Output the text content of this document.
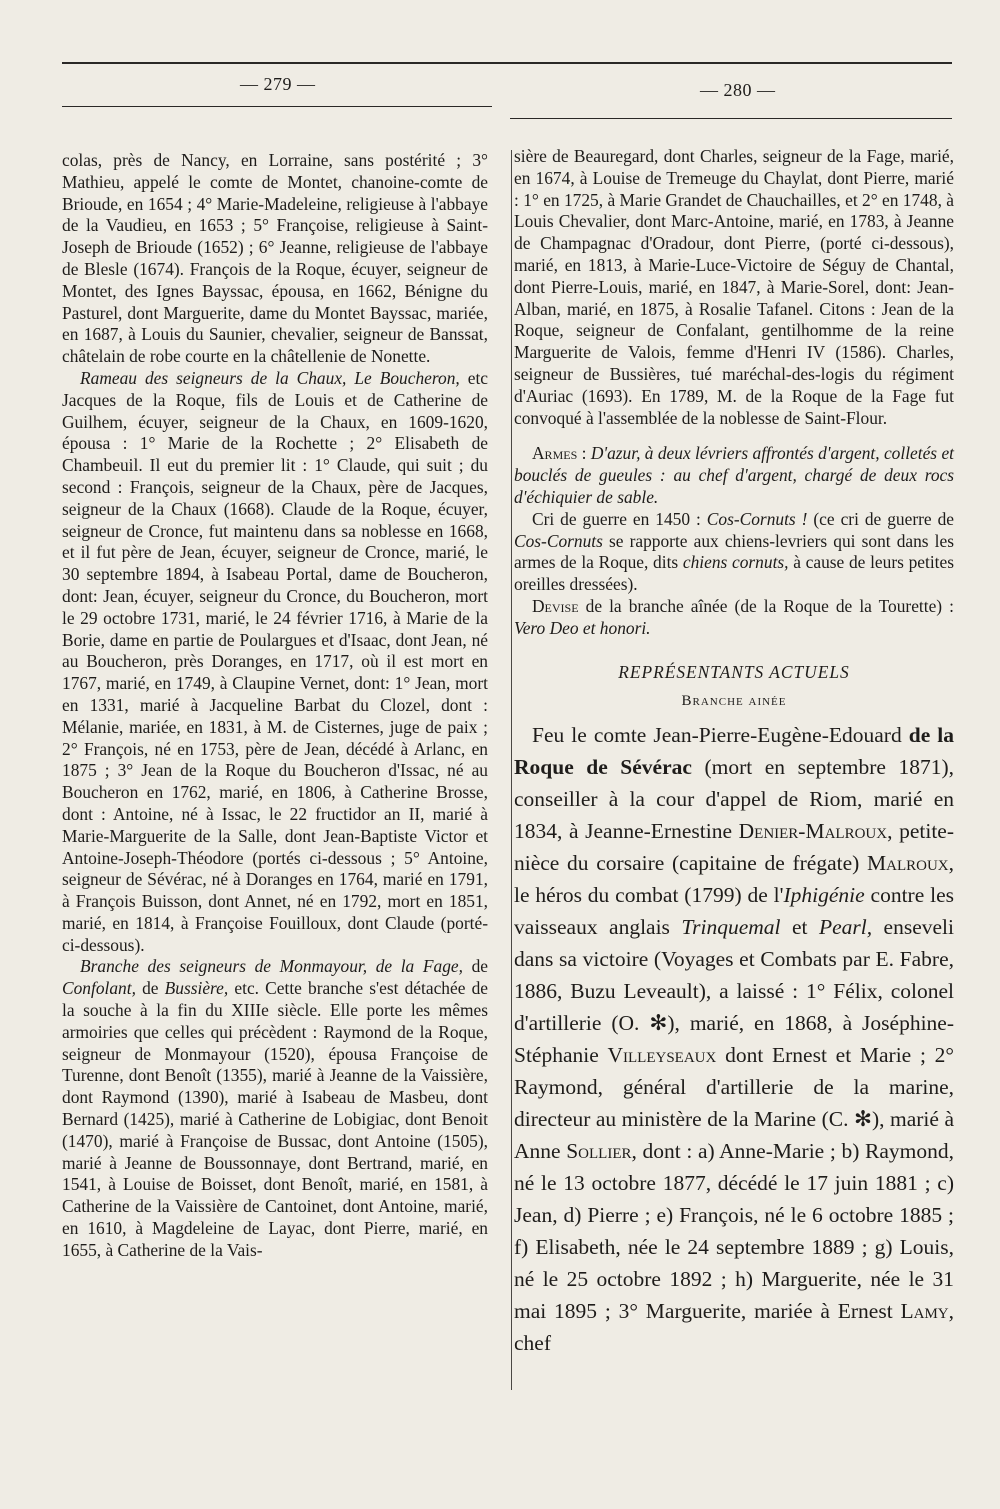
— 279 —	— 280 —

colas, près de Nancy, en Lorraine, sans postérité ; 3° Mathieu, appelé le comte de Montet, chanoine-comte de Brioude, en 1654 ; 4° Marie-Madeleine, religieuse à l'abbaye de la Vaudieu, en 1653 ; 5° Françoise, religieuse à Saint-Joseph de Brioude (1652) ; 6° Jeanne, religieuse de l'abbaye de Blesle (1674). François de la Roque, écuyer, seigneur de Montet, des Ignes Bayssac, épousa, en 1662, Bénigne du Pasturel, dont Marguerite, dame du Montet Bayssac, mariée, en 1687, à Louis du Saunier, chevalier, seigneur de Banssat, châtelain de robe courte en la châtellenie de Nonette.

Rameau des seigneurs de la Chaux, Le Boucheron, etc Jacques de la Roque, fils de Louis et de Catherine de Guilhem, écuyer, seigneur de la Chaux, en 1609-1620, épousa : 1° Marie de la Rochette ; 2° Elisabeth de Chambeuil. Il eut du premier lit : 1° Claude, qui suit ; du second : François, seigneur de la Chaux, père de Jacques, seigneur de la Chaux (1668). Claude de la Roque, écuyer, seigneur de Cronce, fut maintenu dans sa noblesse en 1668, et il fut père de Jean, écuyer, seigneur de Cronce, marié, le 30 septembre 1894, à Isabeau Portal, dame de Boucheron, dont: Jean, écuyer, seigneur du Cronce, du Boucheron, mort le 29 octobre 1731, marié, le 24 février 1716, à Marie de la Borie, dame en partie de Poulargues et d'Isaac, dont Jean, né au Boucheron, près Doranges, en 1717, où il est mort en 1767, marié, en 1749, à Claupine Vernet, dont: 1° Jean, mort en 1331, marié à Jacqueline Barbat du Clozel, dont : Mélanie, mariée, en 1831, à M. de Cisternes, juge de paix ; 2° François, né en 1753, père de Jean, décédé à Arlanc, en 1875 ; 3° Jean de la Roque du Boucheron d'Issac, né au Boucheron en 1762, marié, en 1806, à Catherine Brosse, dont : Antoine, né à Issac, le 22 fructidor an II, marié à Marie-Marguerite de la Salle, dont Jean-Baptiste Victor et Antoine-Joseph-Théodore (portés ci-dessous ; 5° Antoine, seigneur de Sévérac, né à Doranges en 1764, marié en 1791, à François Buisson, dont Annet, né en 1792, mort en 1851, marié, en 1814, à Françoise Fouilloux, dont Claude (porté-ci-dessous).

Branche des seigneurs de Monmayour, de la Fage, de Confolant, de Bussière, etc. Cette branche s'est détachée de la souche à la fin du XIIIe siècle. Elle porte les mêmes armoiries que celles qui précèdent : Raymond de la Roque, seigneur de Monmayour (1520), épousa Françoise de Turenne, dont Benoît (1355), marié à Jeanne de la Vaissière, dont Raymond (1390), marié à Isabeau de Masbeu, dont Bernard (1425), marié à Catherine de Lobigiac, dont Benoit (1470), marié à Françoise de Bussac, dont Antoine (1505), marié à Jeanne de Boussonnaye, dont Bertrand, marié, en 1541, à Louise de Boisset, dont Benoît, marié, en 1581, à Catherine de la Vaissière de Cantoinet, dont Antoine, marié, en 1610, à Magdeleine de Layac, dont Pierre, marié, en 1655, à Catherine de la Vais-

sière de Beauregard, dont Charles, seigneur de la Fage, marié, en 1674, à Louise de Tremeuge du Chaylat, dont Pierre, marié : 1° en 1725, à Marie Grandet de Chauchailles, et 2° en 1748, à Louis Chevalier, dont Marc-Antoine, marié, en 1783, à Jeanne de Champagnac d'Oradour, dont Pierre, (porté ci-dessous), marié, en 1813, à Marie-Luce-Victoire de Séguy de Chantal, dont Pierre-Louis, marié, en 1847, à Marie-Sorel, dont: Jean-Alban, marié, en 1875, à Rosalie Tafanel. Citons : Jean de la Roque, seigneur de Confalant, gentilhomme de la reine Marguerite de Valois, femme d'Henri IV (1586). Charles, seigneur de Bussières, tué maréchal-des-logis du régiment d'Auriac (1693). En 1789, M. de la Roque de la Fage fut convoqué à l'assemblée de la noblesse de Saint-Flour.

Armes : D'azur, à deux lévriers affrontés d'argent, colletés et bouclés de gueules : au chef d'argent, chargé de deux rocs d'échiquier de sable.

Cri de guerre en 1450 : Cos-Cornuts ! (ce cri de guerre de Cos-Cornuts se rapporte aux chiens-levriers qui sont dans les armes de la Roque, dits chiens cornuts, à cause de leurs petites oreilles dressées).

Devise de la branche aînée (de la Roque de la Tourette) : Vero Deo et honori.

REPRÉSENTANTS ACTUELS

Branche ainée

Feu le comte Jean-Pierre-Eugène-Edouard de la Roque de Sévérac (mort en septembre 1871), conseiller à la cour d'appel de Riom, marié en 1834, à Jeanne-Ernestine Denier-Malroux, petite-nièce du corsaire (capitaine de frégate) Malroux, le héros du combat (1799) de l'Iphigénie contre les vaisseaux anglais Trinquemal et Pearl, enseveli dans sa victoire (Voyages et Combats par E. Fabre, 1886, Buzu Leveault), a laissé : 1° Félix, colonel d'artillerie (O. ✻), marié, en 1868, à Joséphine-Stéphanie Villeyseaux dont Ernest et Marie ; 2° Raymond, général d'artillerie de la marine, directeur au ministère de la Marine (C. ✻), marié à Anne Sollier, dont : a) Anne-Marie ; b) Raymond, né le 13 octobre 1877, décédé le 17 juin 1881 ; c) Jean, d) Pierre ; e) François, né le 6 octobre 1885 ; f) Elisabeth, née le 24 septembre 1889 ; g) Louis, né le 25 octobre 1892 ; h) Marguerite, née le 31 mai 1895 ; 3° Marguerite, mariée à Ernest Lamy, chef
